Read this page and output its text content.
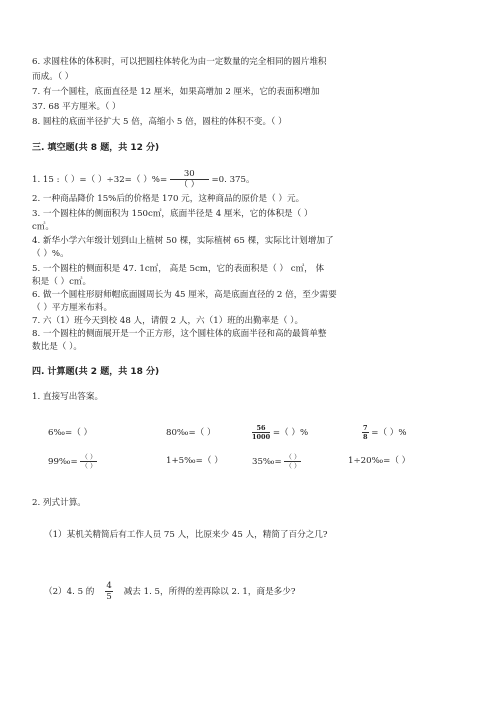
6. 求圆柱体的体积时，可以把圆柱体转化为由一定数量的完全相同的圆片堆积
而成。（ ）
7. 有一个圆柱，底面直径是 12 厘米，如果高增加 2 厘米，它的表面积增加
37. 68 平方厘米。（ ）
8. 圆柱的底面半径扩大 5 倍，高缩小 5 倍，圆柱的体积不变。（ ）
三. 填空题(共 8 题，共 12 分)
1. 15 :（ ）=（ ）÷32=（ ）%= $\frac{30}{( )} =0$. 375。
2. 一种商品降价 15%后的价格是 170 元，这种商品的原价是（ ）元。
3. 一个圆柱体的侧面积为 150c㎡，底面半径是 4 厘米，它的体积是（ ）
c㎥。
4. 新华小学六年级计划到山上植树 50 棵，实际植树 65 棵，实际比计划增加了
（ ）%。
5. 一个圆柱的侧面积是 47. 1c㎡， 高是 5cm，它的表面积是（ ） c㎡， 体
积是（ ）c㎥。
6. 做一个圆柱形厨师帽底面圆周长为 45 厘米，高是底面直径的 2 倍，至少需要
（ ）平方厘米布料。
7. 六（1）班今天到校 48 人，请假 2 人，六（1）班的出勤率是（ ）。
8. 一个圆柱的侧面展开是一个正方形，这个圆柱体的底面半径和高的最简单整
数比是（ ）。
四. 计算题(共 2 题，共 18 分)
1. 直接写出答案。
6‰=（ ）	80‰=（ ）	$\frac{56}{1000}$ =（ ）%	$\frac{7}{8}$ =（ ）%
99‰= $\frac{( )}{( )}$	1+5‰=（ ）	35‰= $\frac{( )}{( )}$	1÷20‰=（ ）
2. 列式计算。
（1）某机关精简后有工作人员 75 人，比原来少 45 人，精简了百分之几?
（2）4. 5 的 $\frac{4}{5}$ 减去 1. 5，所得的差再除以 2. 1，商是多少?
